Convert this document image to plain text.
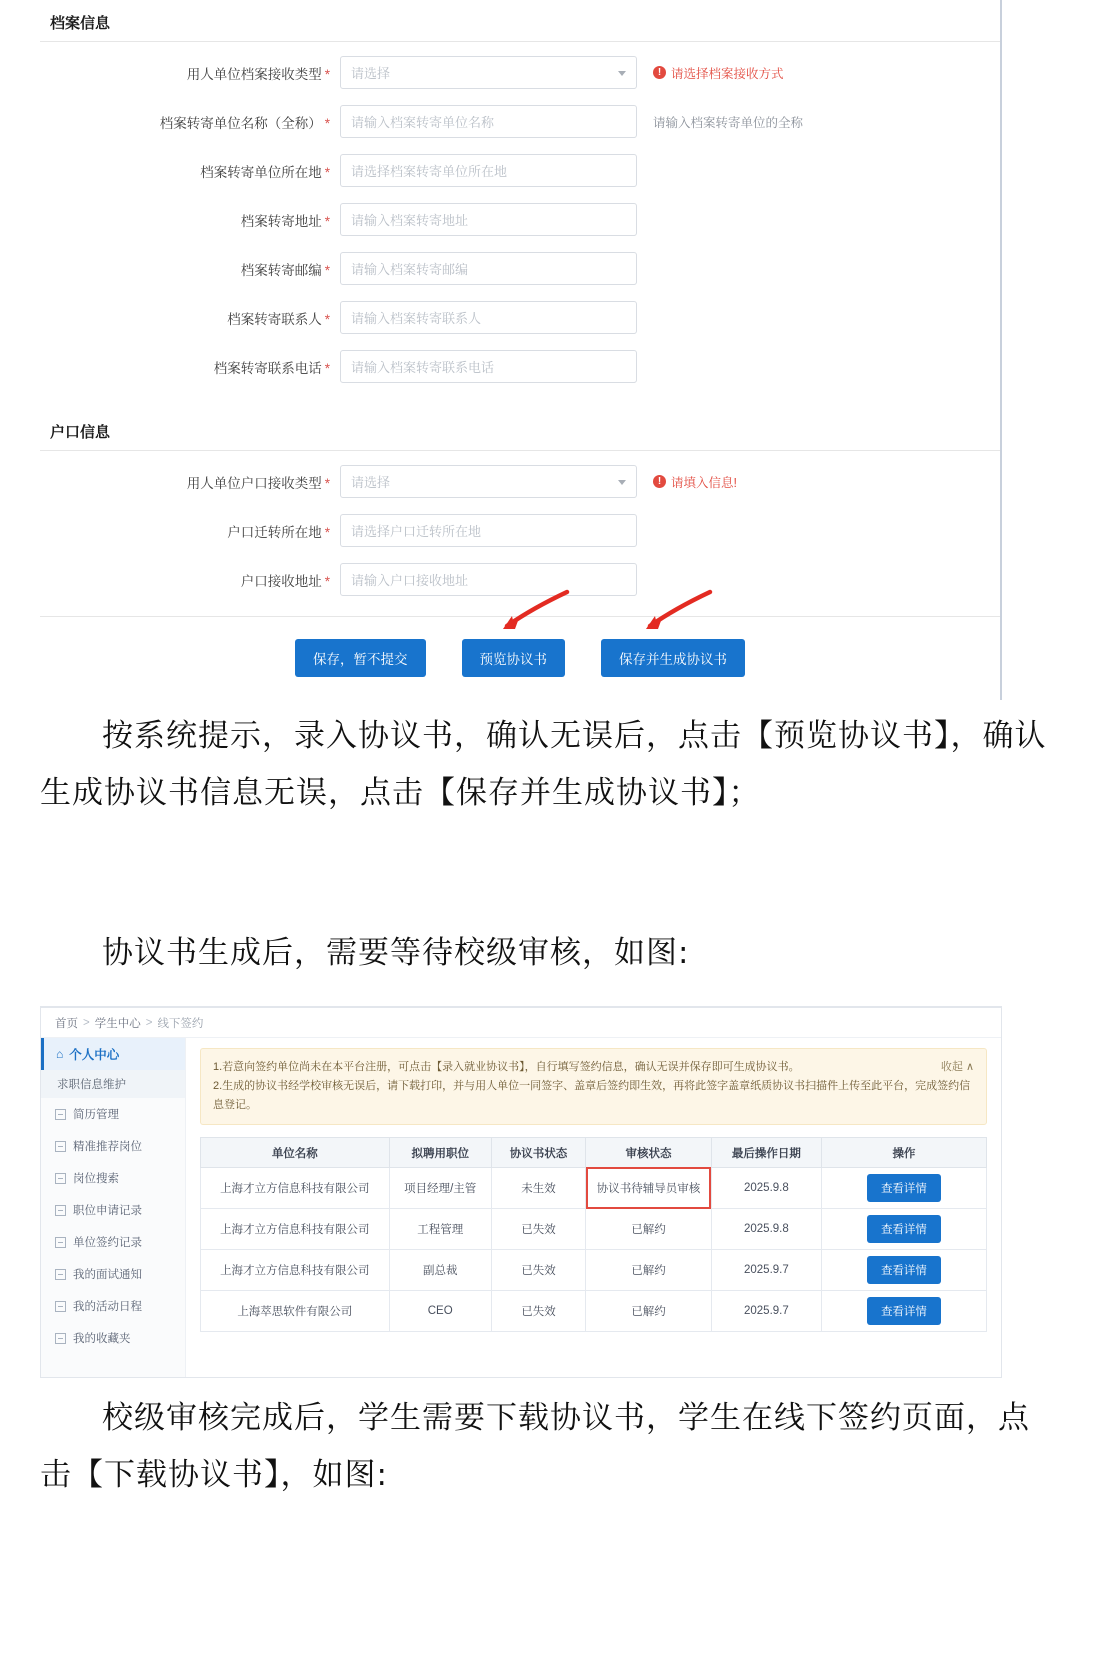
档案信息
用人单位档案接收类型 *	请选择	! 请选择档案接收方式
档案转寄单位名称（全称） *	请输入档案转寄单位名称	请输入档案转寄单位的全称
档案转寄单位所在地 *	请选择档案转寄单位所在地
档案转寄地址 *	请输入档案转寄地址
档案转寄邮编 *	请输入档案转寄邮编
档案转寄联系人 *	请输入档案转寄联系人
档案转寄联系电话 *	请输入档案转寄联系电话
户口信息
用人单位户口接收类型 *	请选择	! 请填入信息!
户口迁转所在地 *	请选择户口迁转所在地
户口接收地址 *	请输入户口接收地址
保存，暂不提交	预览协议书	保存并生成协议书

按系统提示，录入协议书，确认无误后，点击【预览协议书】，确认生成协议书信息无误，点击【保存并生成协议书】；

协议书生成后，需要等待校级审核，如图:

首页 > 学生中心 > 线下签约
⌂ 个人中心
求职信息维护
简历管理
精准推荐岗位
岗位搜索
职位申请记录
单位签约记录
我的面试通知
我的活动日程
我的收藏夹
收起 ∧
1.若意向签约单位尚未在本平台注册，可点击【录入就业协议书】，自行填写签约信息，确认无误并保存即可生成协议书。
2.生成的协议书经学校审核无误后，请下载打印，并与用人单位一同签字、盖章后签约即生效，再将此签字盖章纸质协议书扫描件上传至此平台，完成签约信息登记。
单位名称	拟聘用职位	协议书状态	审核状态	最后操作日期	操作
上海才立方信息科技有限公司	项目经理/主管	未生效	协议书待辅导员审核	2025.9.8	查看详情
上海才立方信息科技有限公司	工程管理	已失效	已解约	2025.9.8	查看详情
上海才立方信息科技有限公司	副总裁	已失效	已解约	2025.9.7	查看详情
上海萃思软件有限公司	CEO	已失效	已解约	2025.9.7	查看详情

校级审核完成后，学生需要下载协议书，学生在线下签约页面，点击【下载协议书】，如图:
